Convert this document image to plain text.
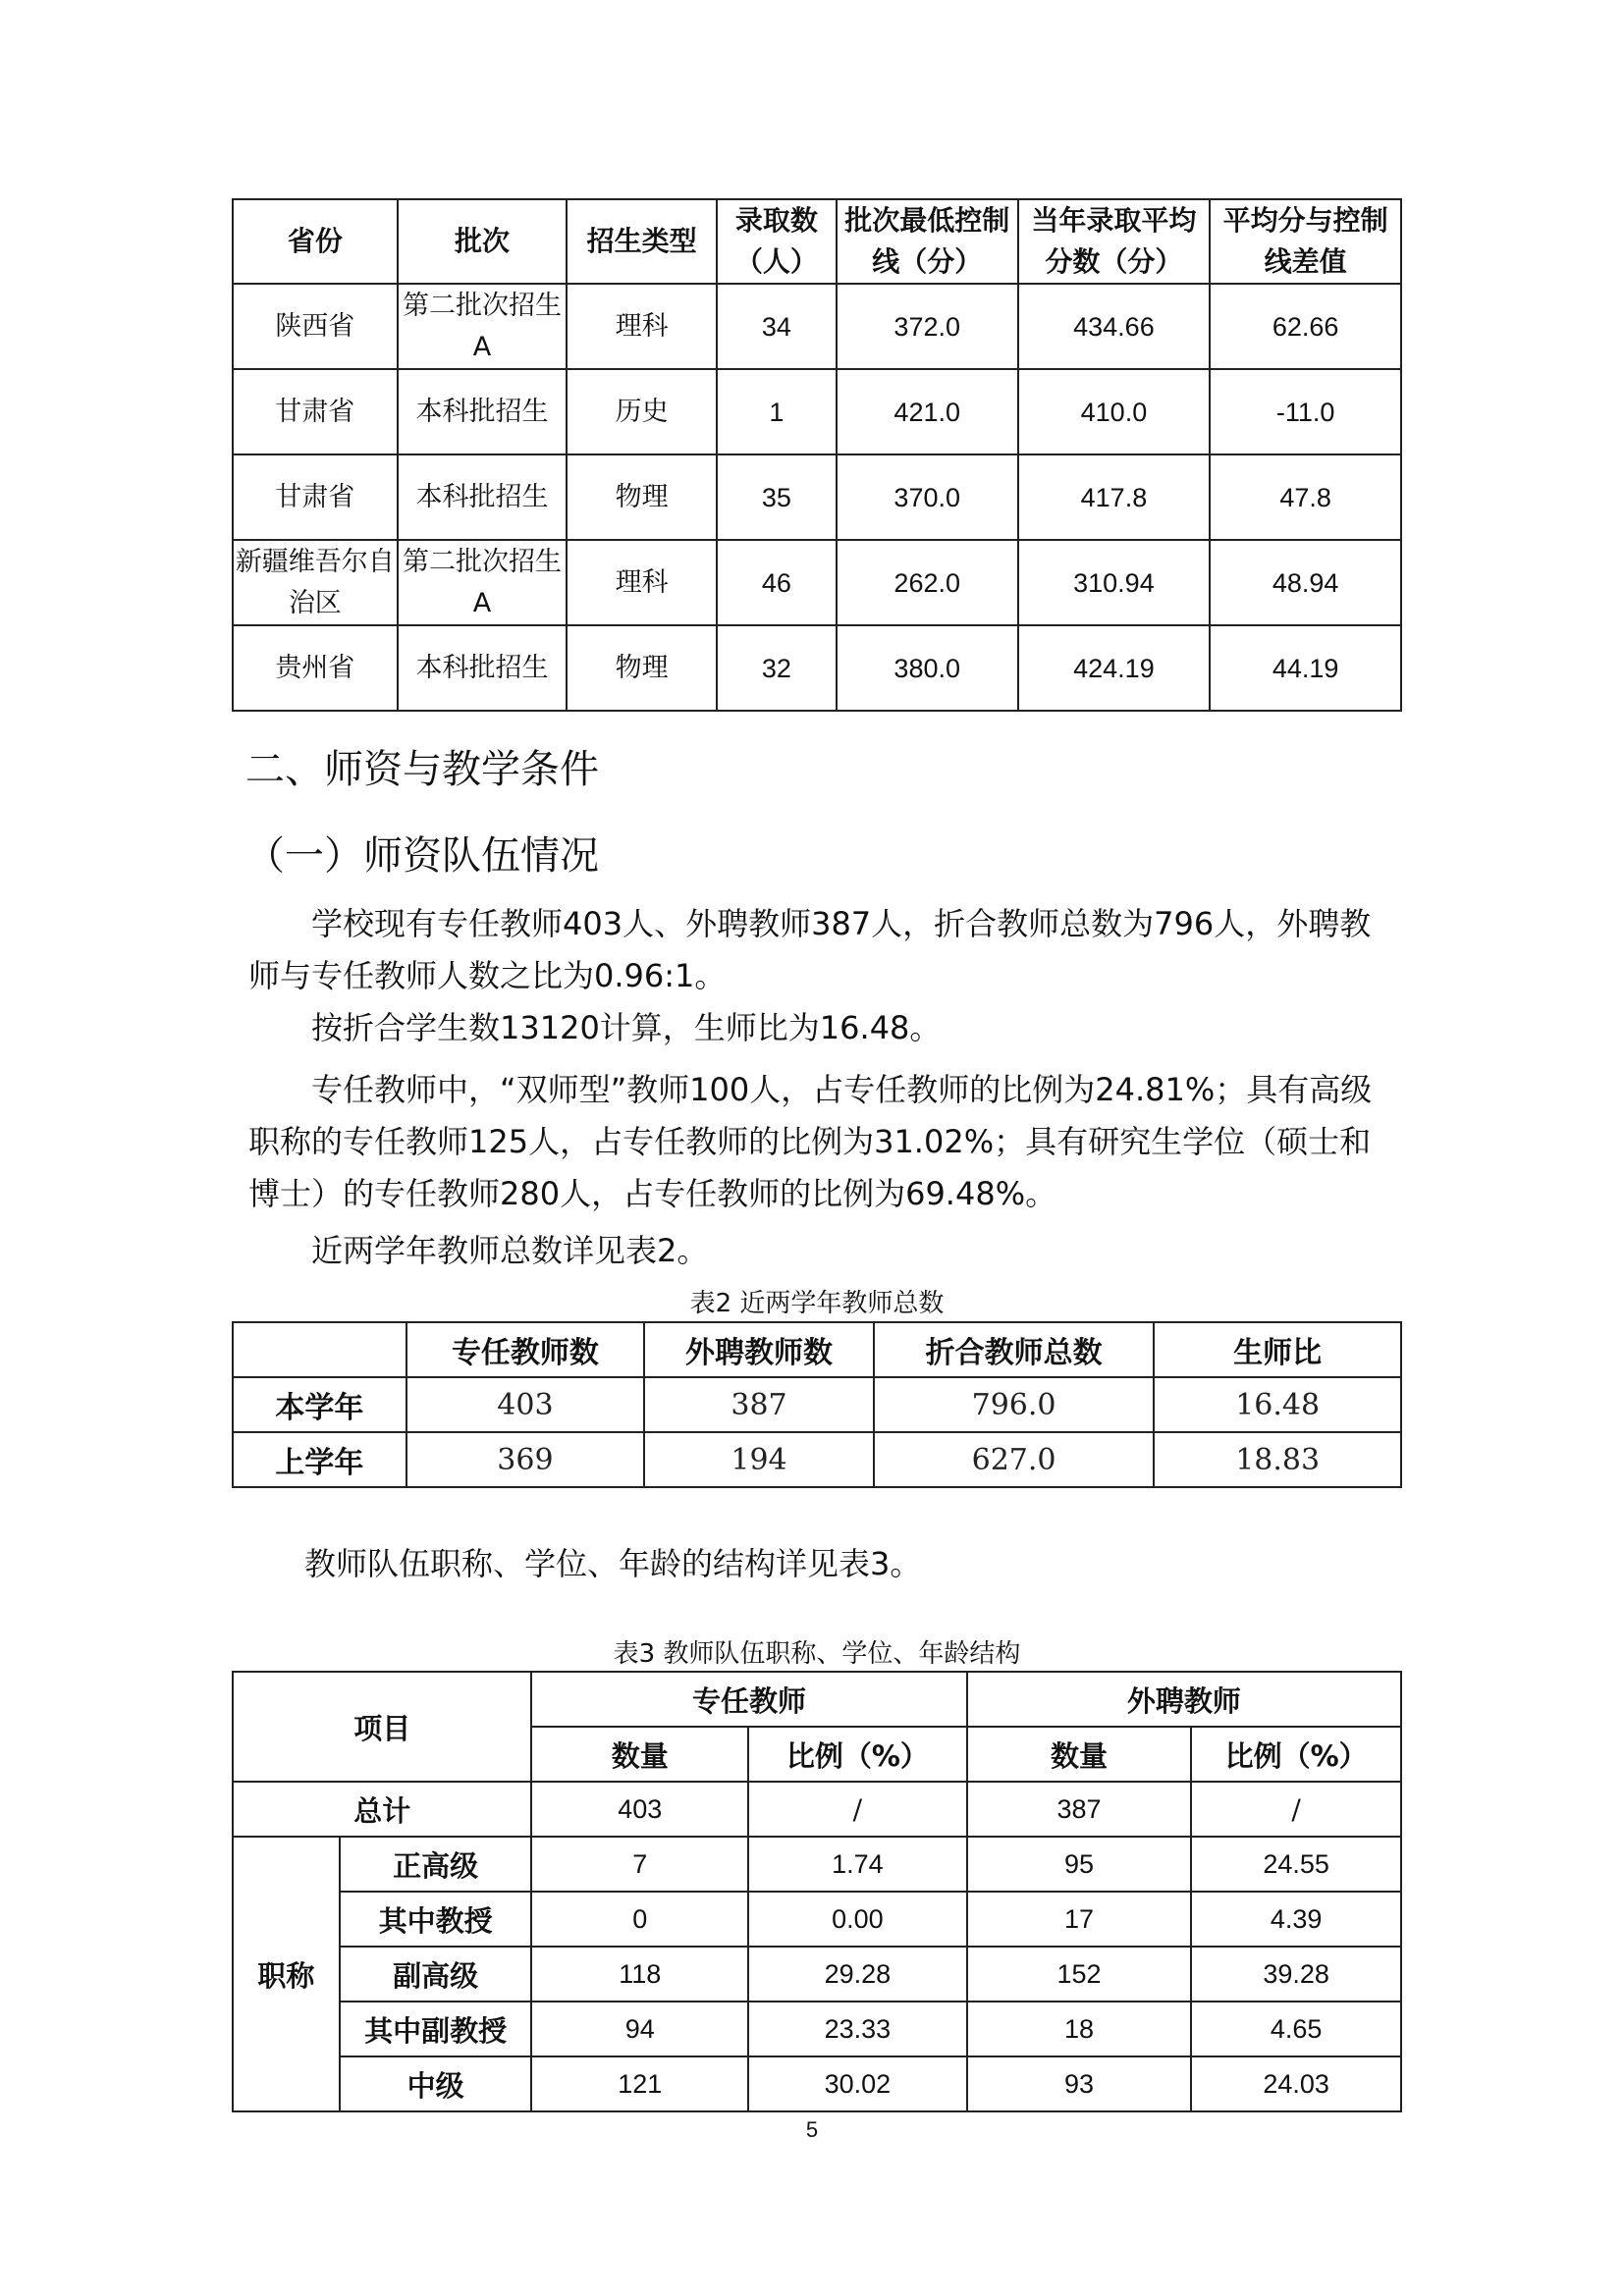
省份	批次	招生类型	录取数（人）	批次最低控制线（分）	当年录取平均分数（分）	平均分与控制线差值
陕西省	第二批次招生A	理科	34	372.0	434.66	62.66
甘肃省	本科批招生	历史	1	421.0	410.0	-11.0
甘肃省	本科批招生	物理	35	370.0	417.8	47.8
新疆维吾尔自治区	第二批次招生A	理科	46	262.0	310.94	48.94
贵州省	本科批招生	物理	32	380.0	424.19	44.19
二、师资与教学条件
（一）师资队伍情况

学校现有专任教师403人、外聘教师387人，折合教师总数为796人，外聘教师与专任教师人数之比为0.96:1。

按折合学生数13120计算，生师比为16.48。

专任教师中，“双师型”教师100人，占专任教师的比例为24.81%；具有高级职称的专任教师125人，占专任教师的比例为31.02%；具有研究生学位（硕士和博士）的专任教师280人，占专任教师的比例为69.48%。

近两学年教师总数详见表2。

表2 近两学年教师总数

	专任教师数	外聘教师数	折合教师总数	生师比
本学年	403	387	796.0	16.48
上学年	369	194	627.0	18.83

教师队伍职称、学位、年龄的结构详见表3。

表3 教师队伍职称、学位、年龄结构

项目		专任教师		外聘教师	
		数量	比例（%）	数量	比例（%）
总计		403	/	387	/
职称	正高级	7	1.74	95	24.55
	其中教授	0	0.00	17	4.39
	副高级	118	29.28	152	39.28
	其中副教授	94	23.33	18	4.65
	中级	121	30.02	93	24.03

5
